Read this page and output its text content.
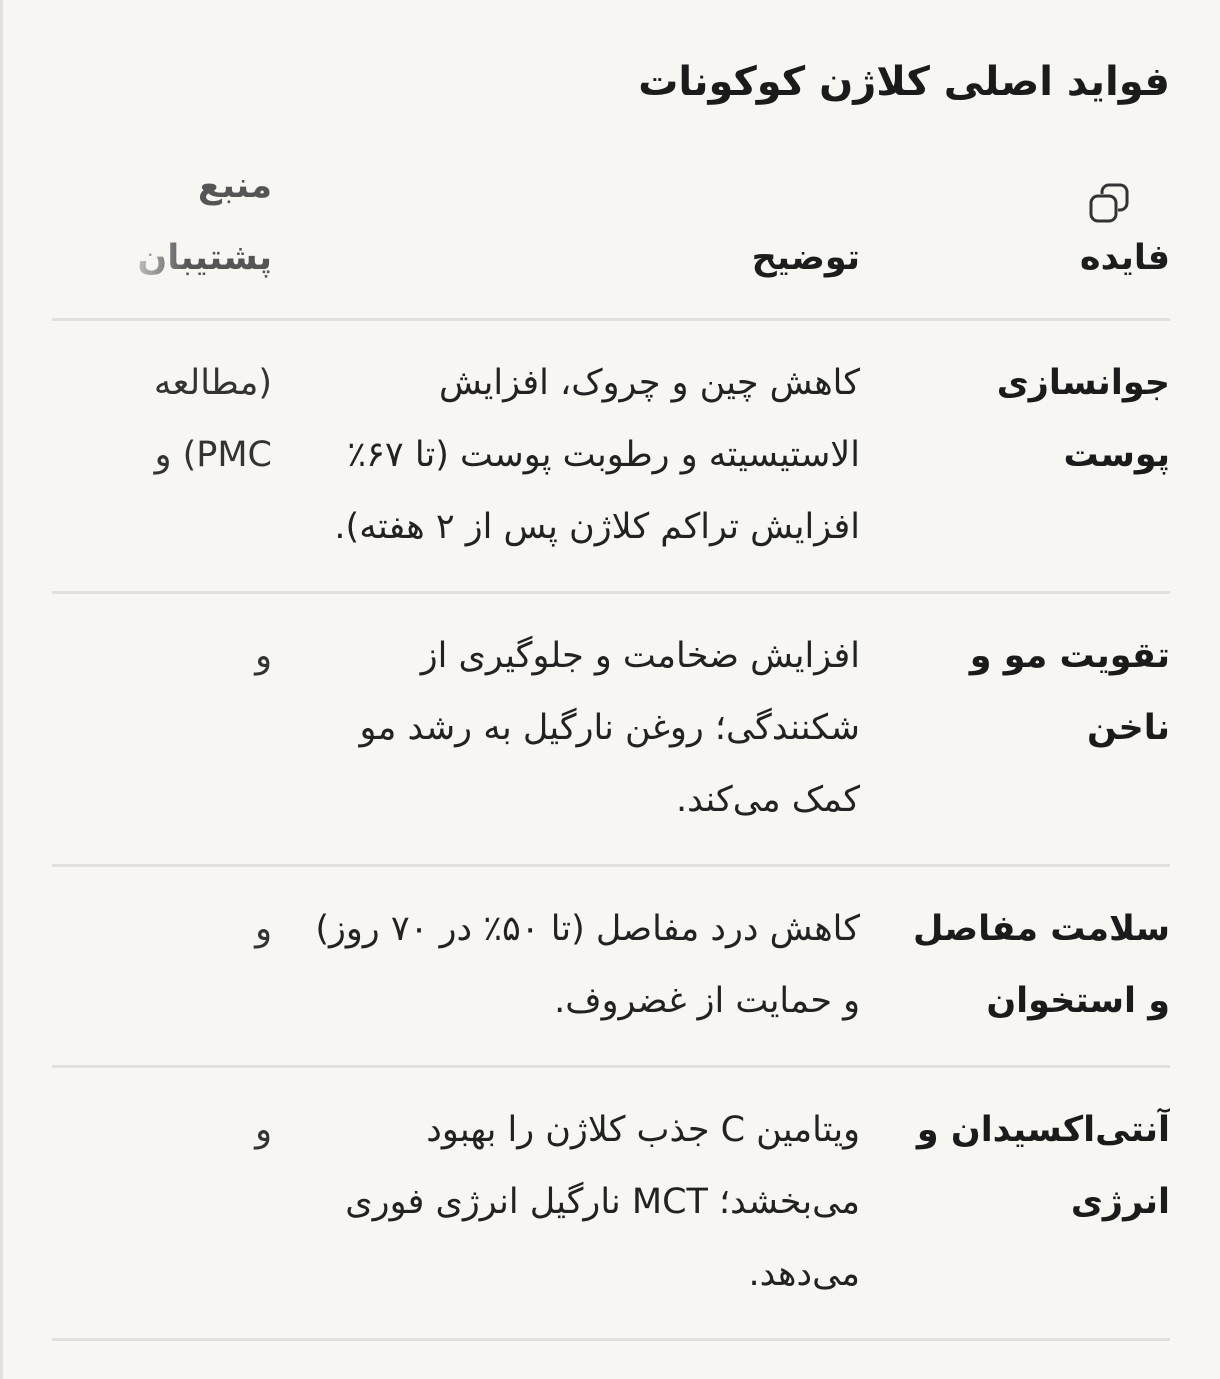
فواید اصلی کلاژن کوکونات
فایده	توضیح	منبع پشتیبان

جوانسازی پوست	کاهش چین و چروک، افزایش الاستیسیته و رطوبت پوست (تا ۶۷٪ افزایش تراکم کلاژن پس از ۲ هفته).	(مطالعه PMC) و

تقویت مو و ناخن	افزایش ضخامت و جلوگیری از شکنندگی؛ روغن نارگیل به رشد مو کمک می‌کند.	و

سلامت مفاصل و استخوان	کاهش درد مفاصل (تا ۵۰٪ در ۷۰ روز) و حمایت از غضروف.	و

آنتی‌اکسیدان و انرژی	ویتامین C جذب کلاژن را بهبود می‌بخشد؛ MCT نارگیل انرژی فوری می‌دهد.	و
